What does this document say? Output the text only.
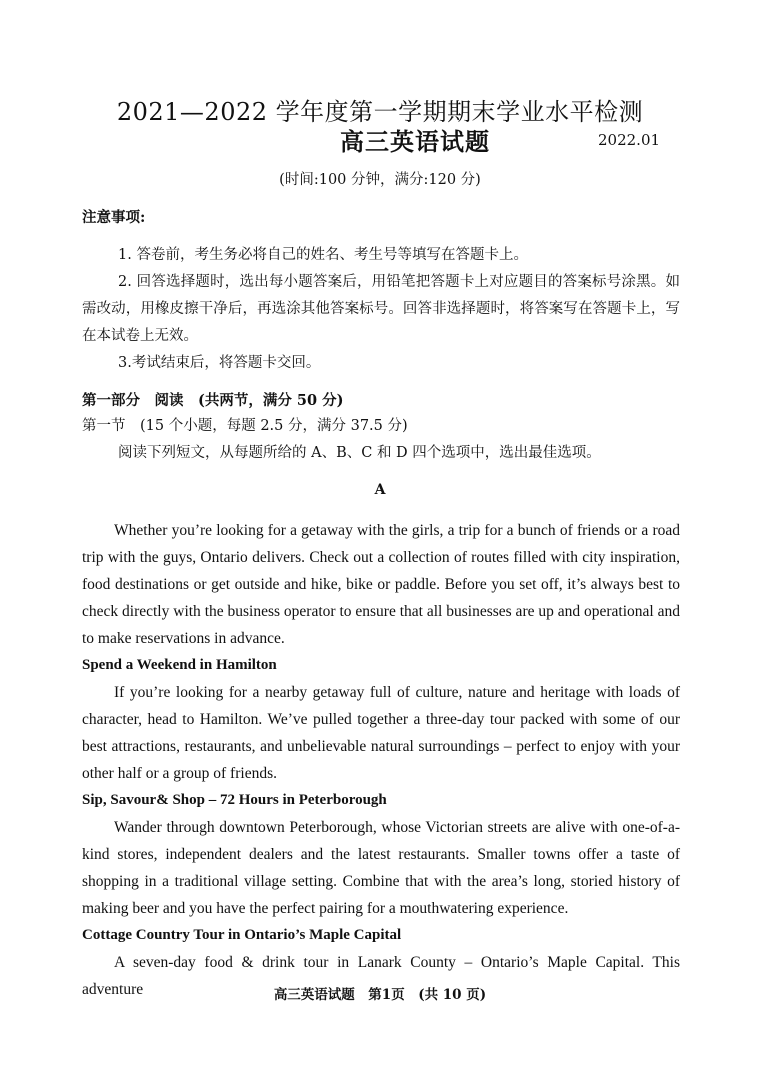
2021—2022 学年度第一学期期末学业水平检测
高三英语试题	2022.01
(时间:100 分钟，满分:120 分)
注意事项:

1. 答卷前，考生务必将自己的姓名、考生号等填写在答题卡上。

2. 回答选择题时，选出每小题答案后，用铅笔把答题卡上对应题目的答案标号涂黑。如需改动，用橡皮擦干净后，再选涂其他答案标号。回答非选择题时，将答案写在答题卡上，写在本试卷上无效。

3.考试结束后，将答题卡交回。

第一部分　阅读　(共两节，满分 50 分)
第一节　(15 个小题，每题 2.5 分，满分 37.5 分)
阅读下列短文，从每题所给的 A、B、C 和 D 四个选项中，选出最佳选项。
A

Whether you’re looking for a getaway with the girls, a trip for a bunch of friends or a road trip with the guys, Ontario delivers. Check out a collection of routes filled with city inspiration, food destinations or get outside and hike, bike or paddle. Before you set off, it’s always best to check directly with the business operator to ensure that all businesses are up and operational and to make reservations in advance.

Spend a Weekend in Hamilton

If you’re looking for a nearby getaway full of culture, nature and heritage with loads of character, head to Hamilton. We’ve pulled together a three-day tour packed with some of our best attractions, restaurants, and unbelievable natural surroundings – perfect to enjoy with your other half or a group of friends.

Sip, Savour& Shop – 72 Hours in Peterborough

Wander through downtown Peterborough, whose Victorian streets are alive with one-of-a-kind stores, independent dealers and the latest restaurants. Smaller towns offer a taste of shopping in a traditional village setting. Combine that with the area’s long, storied history of making beer and you have the perfect pairing for a mouthwatering experience.

Cottage Country Tour in Ontario’s Maple Capital

A seven-day food & drink tour in Lanark County – Ontario’s Maple Capital. This adventure	高三英语试题　第1页　(共 10 页)
